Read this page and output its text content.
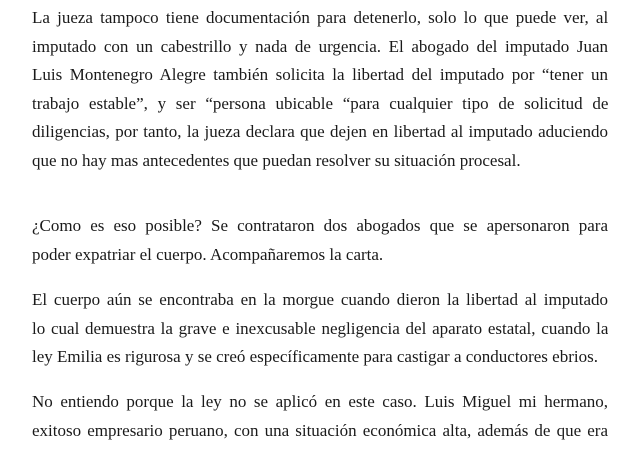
La jueza tampoco tiene documentación para detenerlo, solo lo que puede ver, al
imputado con un cabestrillo y nada de urgencia. El abogado del imputado Juan
Luis Montenegro Alegre también solicita la libertad del imputado por “tener un
trabajo estable”, y ser “persona ubicable “para cualquier tipo de solicitud de
diligencias, por tanto, la jueza declara que dejen en libertad al imputado aduciendo
que no hay mas antecedentes que puedan resolver su situación procesal.
¿Como es eso posible? Se contrataron dos abogados que se apersonaron para
poder expatriar el cuerpo. Acompañaremos la carta.
El cuerpo aún se encontraba en la morgue cuando dieron la libertad al imputado
lo cual demuestra la grave e inexcusable negligencia del aparato estatal, cuando la
ley Emilia es rigurosa y se creó específicamente para castigar a conductores ebrios.
No entiendo porque la ley no se aplicó en este caso. Luis Miguel mi hermano,
exitoso empresario peruano, con una situación económica alta, además de que era
